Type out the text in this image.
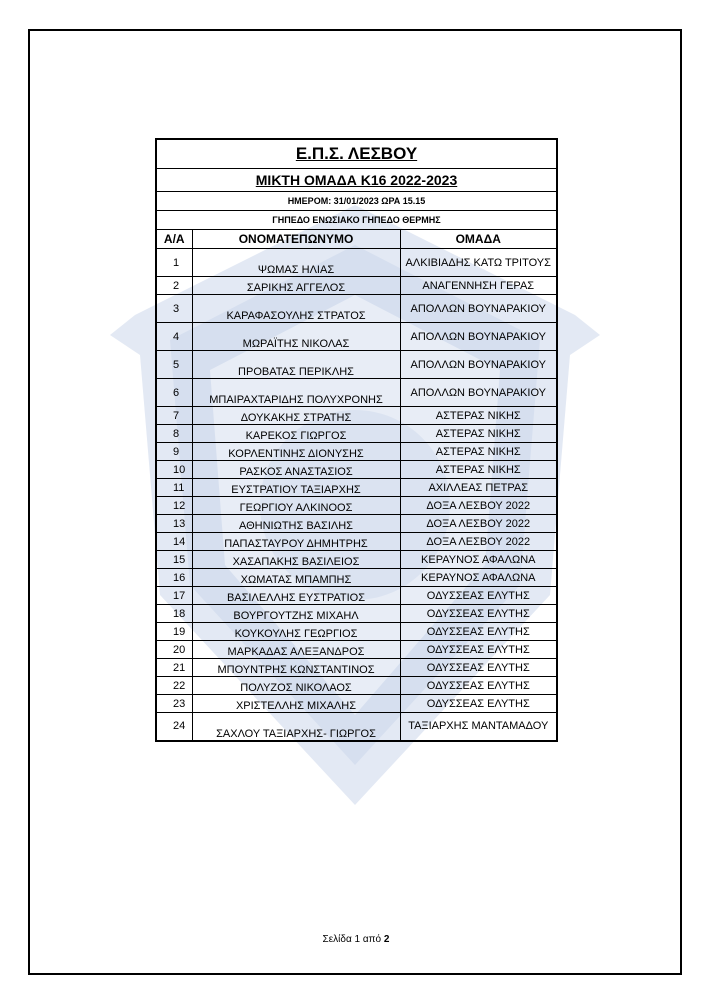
Ε.Π.Σ. ΛΕΣΒΟΥ		
ΜΙΚΤΗ ΟΜΑΔΑ Κ16 2022-2023		
ΗΜΕΡΟΜ: 31/01/2023 ΩΡΑ 15.15		
ΓΗΠΕΔΟ ΕΝΩΣΙΑΚΟ ΓΗΠΕΔΟ ΘΕΡΜΗΣ		
Α/Α	ΟΝΟΜΑΤΕΠΩΝΥΜΟ	ΟΜΑΔΑ
1	ΨΩΜΑΣ ΗΛΙΑΣ	ΑΛΚΙΒΙΑΔΗΣ ΚΑΤΩ ΤΡΙΤΟΥΣ
2	ΣΑΡΙΚΗΣ ΑΓΓΕΛΟΣ	ΑΝΑΓΕΝΝΗΣΗ ΓΕΡΑΣ
3	ΚΑΡΑΦΑΣΟΥΛΗΣ ΣΤΡΑΤΟΣ	ΑΠΟΛΛΩΝ ΒΟΥΝΑΡΑΚΙΟΥ
4	ΜΩΡΑΪΤΗΣ ΝΙΚΟΛΑΣ	ΑΠΟΛΛΩΝ ΒΟΥΝΑΡΑΚΙΟΥ
5	ΠΡΟΒΑΤΑΣ ΠΕΡΙΚΛΗΣ	ΑΠΟΛΛΩΝ ΒΟΥΝΑΡΑΚΙΟΥ
6	ΜΠΑΙΡΑΧΤΑΡΙΔΗΣ ΠΟΛΥΧΡΟΝΗΣ	ΑΠΟΛΛΩΝ ΒΟΥΝΑΡΑΚΙΟΥ
7	ΔΟΥΚΑΚΗΣ ΣΤΡΑΤΗΣ	ΑΣΤΕΡΑΣ ΝΙΚΗΣ
8	ΚΑΡΕΚΟΣ ΓΙΩΡΓΟΣ	ΑΣΤΕΡΑΣ ΝΙΚΗΣ
9	ΚΟΡΛΕΝΤΙΝΗΣ ΔΙΟΝΥΣΗΣ	ΑΣΤΕΡΑΣ ΝΙΚΗΣ
10	ΡΑΣΚΟΣ ΑΝΑΣΤΑΣΙΟΣ	ΑΣΤΕΡΑΣ ΝΙΚΗΣ
11	ΕΥΣΤΡΑΤΙΟΥ ΤΑΞΙΑΡΧΗΣ	ΑΧΙΛΛΕΑΣ ΠΕΤΡΑΣ
12	ΓΕΩΡΓΙΟΥ ΑΛΚΙΝΟΟΣ	ΔΟΞΑ ΛΕΣΒΟΥ 2022
13	ΑΘΗΝΙΩΤΗΣ ΒΑΣΙΛΗΣ	ΔΟΞΑ ΛΕΣΒΟΥ 2022
14	ΠΑΠΑΣΤΑΥΡΟΥ ΔΗΜΗΤΡΗΣ	ΔΟΞΑ ΛΕΣΒΟΥ 2022
15	ΧΑΣΑΠΑΚΗΣ ΒΑΣΙΛΕΙΟΣ	ΚΕΡΑΥΝΟΣ ΑΦΑΛΩΝΑ
16	ΧΩΜΑΤΑΣ ΜΠΑΜΠΗΣ	ΚΕΡΑΥΝΟΣ ΑΦΑΛΩΝΑ
17	ΒΑΣΙΛΕΛΛΗΣ ΕΥΣΤΡΑΤΙΟΣ	ΟΔΥΣΣΕΑΣ ΕΛΥΤΗΣ
18	ΒΟΥΡΓΟΥΤΖΗΣ ΜΙΧΑΗΛ	ΟΔΥΣΣΕΑΣ ΕΛΥΤΗΣ
19	ΚΟΥΚΟΥΛΗΣ ΓΕΩΡΓΙΟΣ	ΟΔΥΣΣΕΑΣ ΕΛΥΤΗΣ
20	ΜΑΡΚΑΔΑΣ ΑΛΕΞΑΝΔΡΟΣ	ΟΔΥΣΣΕΑΣ ΕΛΥΤΗΣ
21	ΜΠΟΥΝΤΡΗΣ ΚΩΝΣΤΑΝΤΙΝΟΣ	ΟΔΥΣΣΕΑΣ ΕΛΥΤΗΣ
22	ΠΟΛΥΖΟΣ ΝΙΚΟΛΑΟΣ	ΟΔΥΣΣΕΑΣ ΕΛΥΤΗΣ
23	ΧΡΙΣΤΕΛΛΗΣ ΜΙΧΑΛΗΣ	ΟΔΥΣΣΕΑΣ ΕΛΥΤΗΣ
24	ΣΑΧΛΟΥ ΤΑΞΙΑΡΧΗΣ- ΓΙΩΡΓΟΣ	ΤΑΞΙΑΡΧΗΣ ΜΑΝΤΑΜΑΔΟΥ
Σελίδα 1 από 2
